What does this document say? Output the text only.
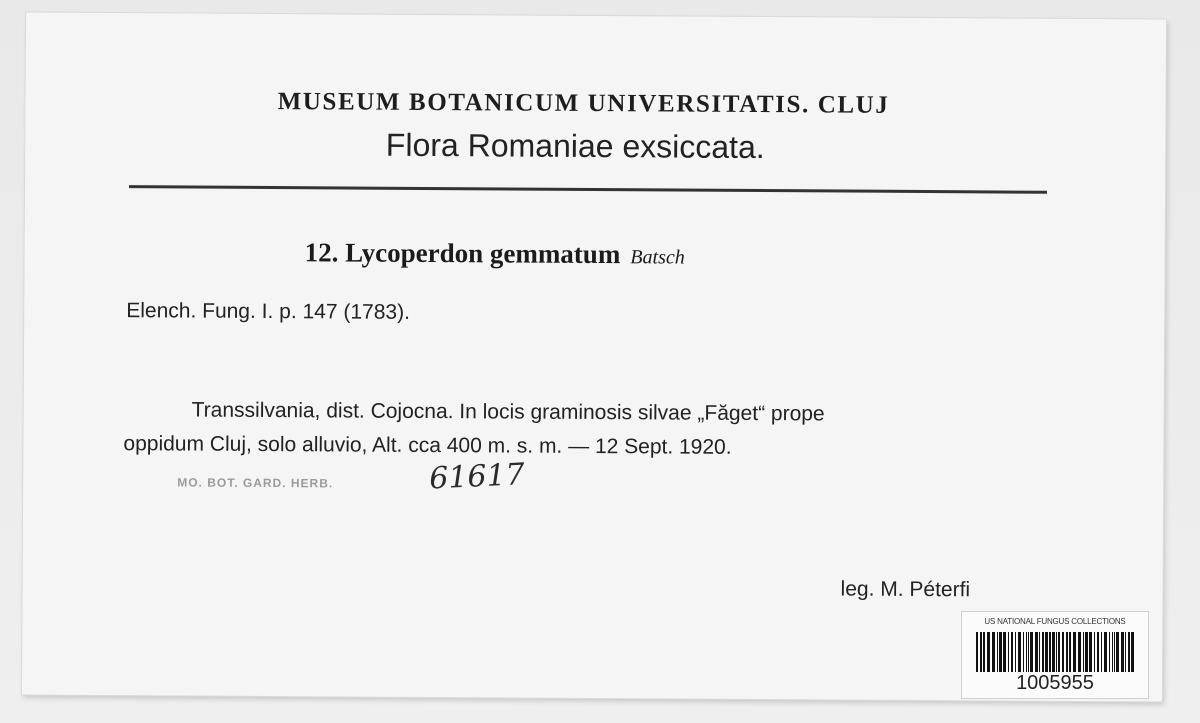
MUSEUM BOTANICUM UNIVERSITATIS. CLUJ
Flora Romaniae exsiccata.
12. Lycoperdon gemmatum Batsch
Elench. Fung. I. p. 147 (1783).
Transsilvania, dist. Cojocna. In locis graminosis silvae „Făget“ prope
oppidum Cluj, solo alluvio, Alt. cca 400 m. s. m. — 12 Sept. 1920.
MO. BOT. GARD. HERB.	61617
leg. M. Péterfi
US NATIONAL FUNGUS COLLECTIONS
1005955
